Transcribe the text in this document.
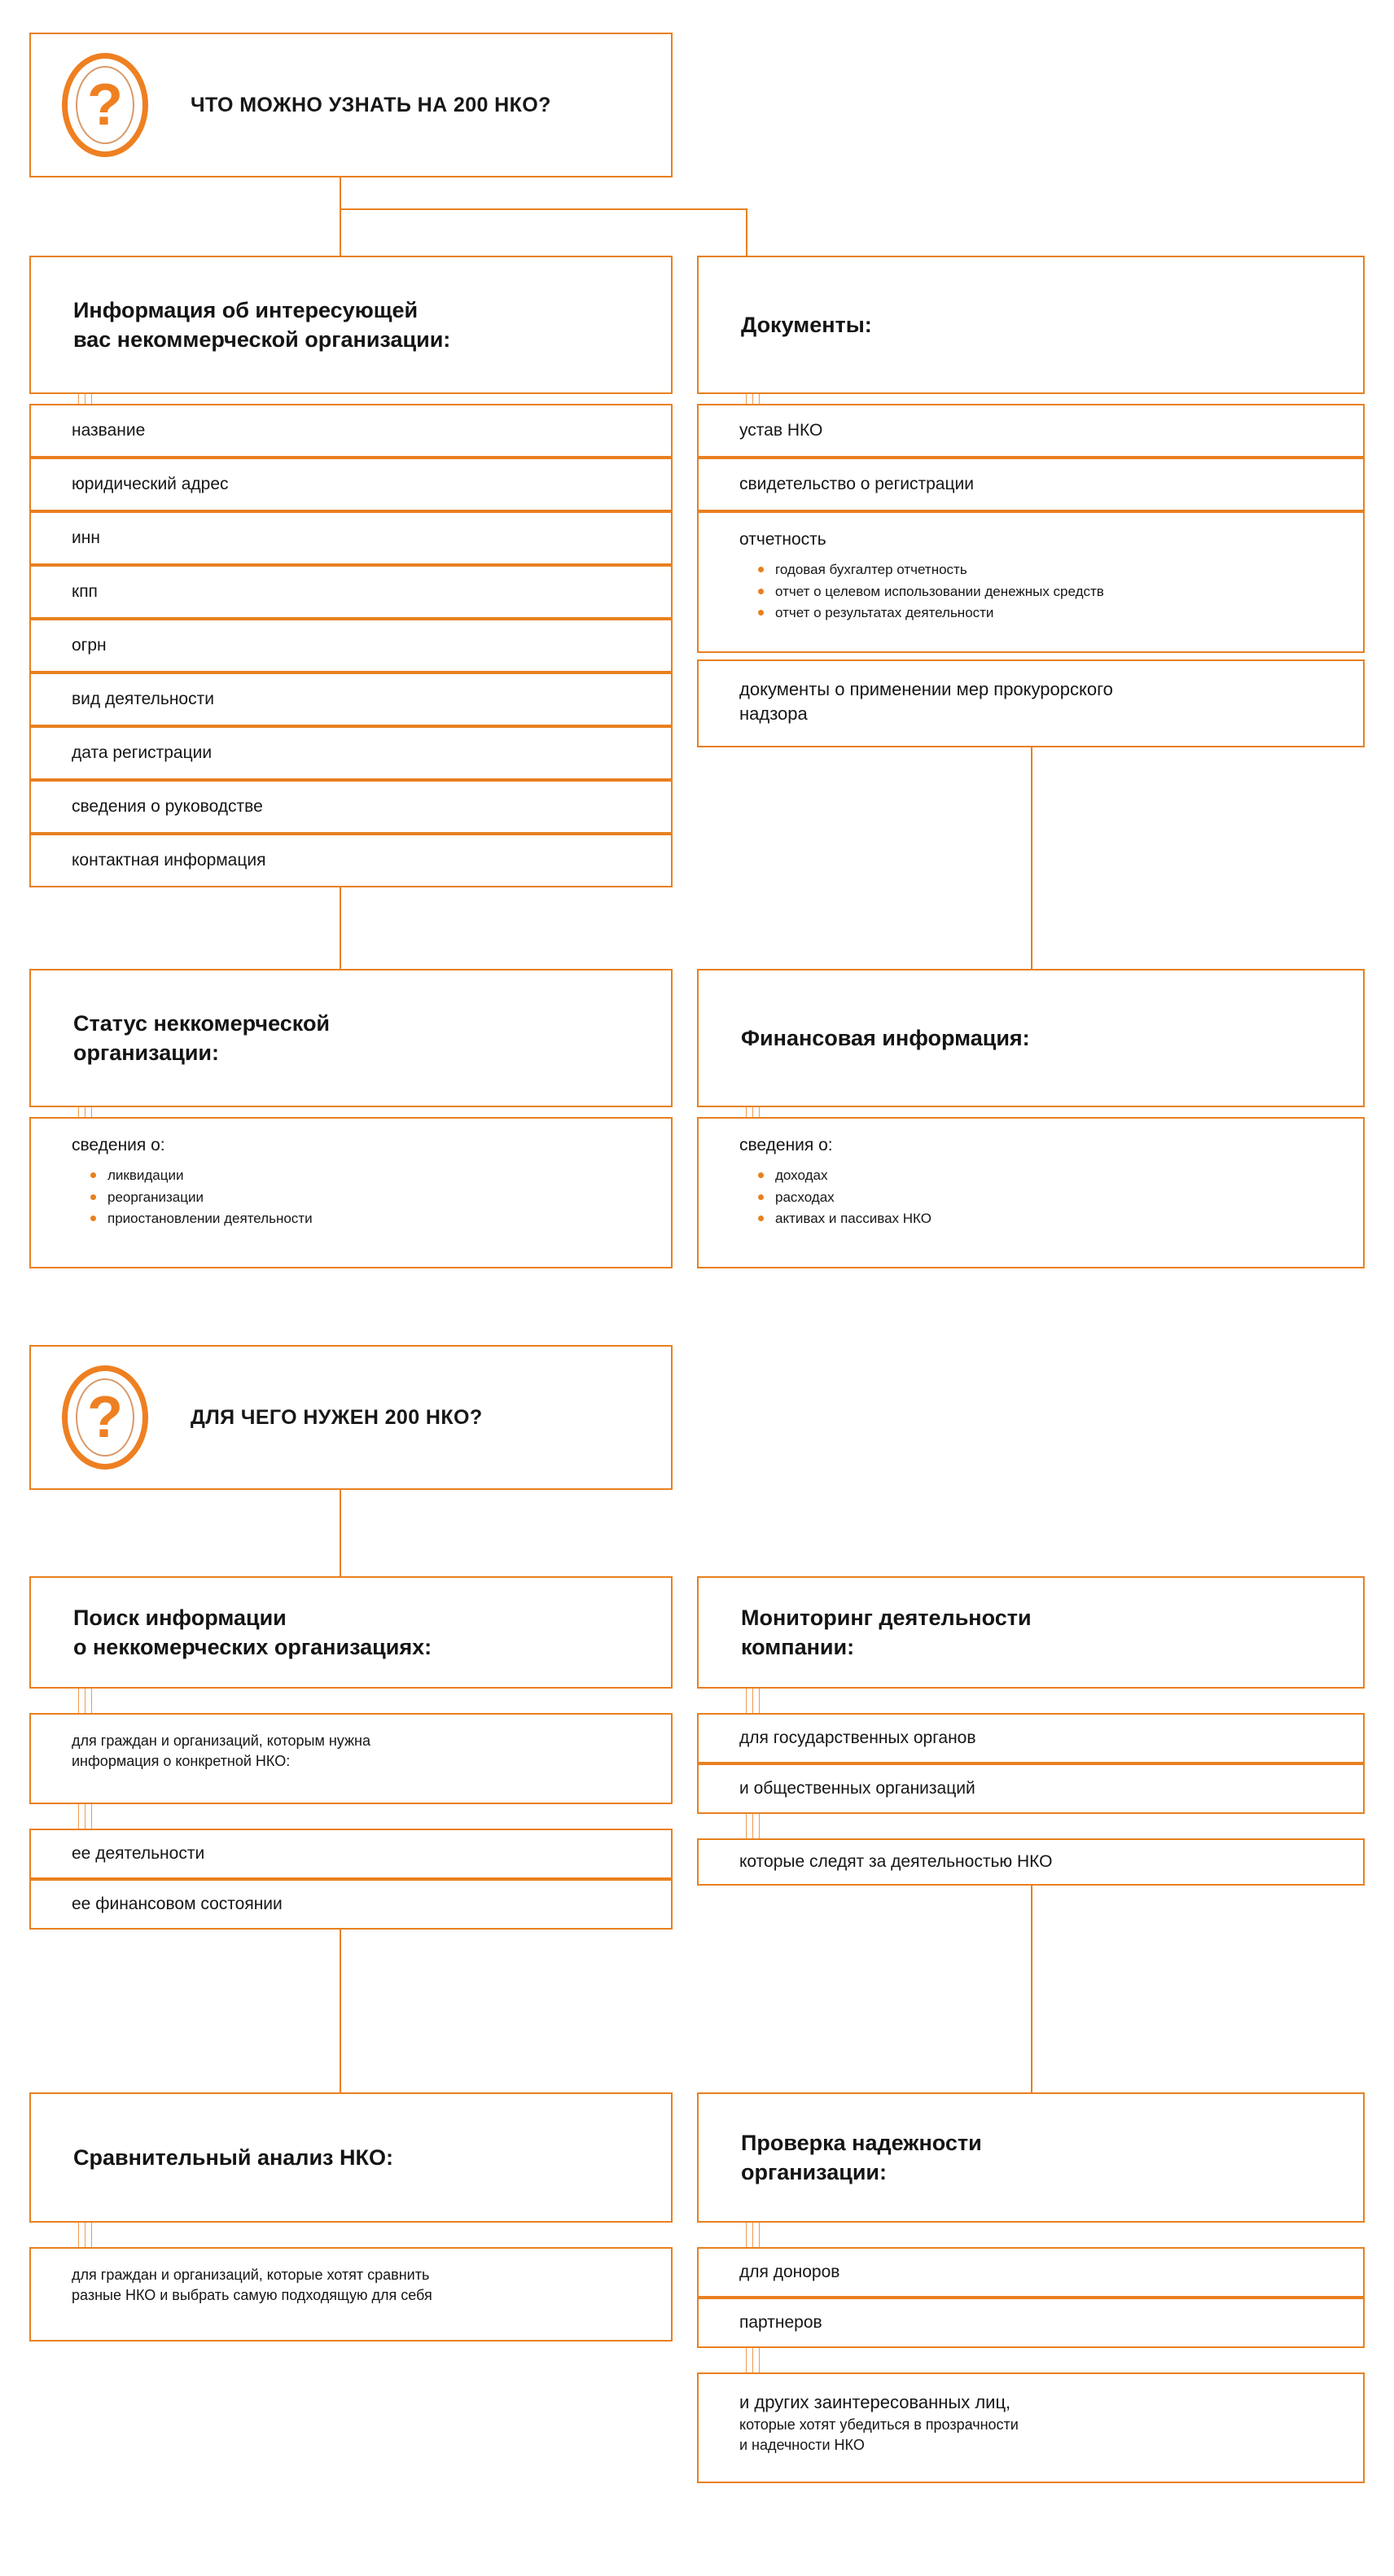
?	ЧТО МОЖНО УЗНАТЬ НА 200 НКО?
Информация об интересующей
вас некоммерческой организации:
название
юридический адрес
инн
кпп
огрн
вид деятельности
дата регистрации
сведения о руководстве
контактная информация
Документы:
устав НКО
свидетельство о регистрации
отчетность
годовая бухгалтер отчетность
отчет о целевом использовании денежных средств
отчет о результатах деятельности
документы о применении мер прокурорского
надзора
Статус неккомерческой
организации:
сведения о:
ликвидации
реорганизации
приостановлении деятельности
Финансовая информация:
сведения о:
доходах
расходах
активах и пассивах НКО
?	ДЛЯ ЧЕГО НУЖЕН 200 НКО?
Поиск информации
о неккомерческих организациях:
для граждан и организаций, которым нужна
информация о конкретной НКО:
ее деятельности
ее финансовом состоянии
Мониторинг деятельности
компании:
для государственных органов
и общественных организаций
которые следят за деятельностью НКО
Сравнительный анализ НКО:
для граждан и организаций, которые хотят сравнить
разные НКО и выбрать самую подходящую для себя
Проверка надежности
организации:
для доноров
партнеров
и других заинтересованных лиц,
которые хотят убедиться в прозрачности
и надечности НКО
